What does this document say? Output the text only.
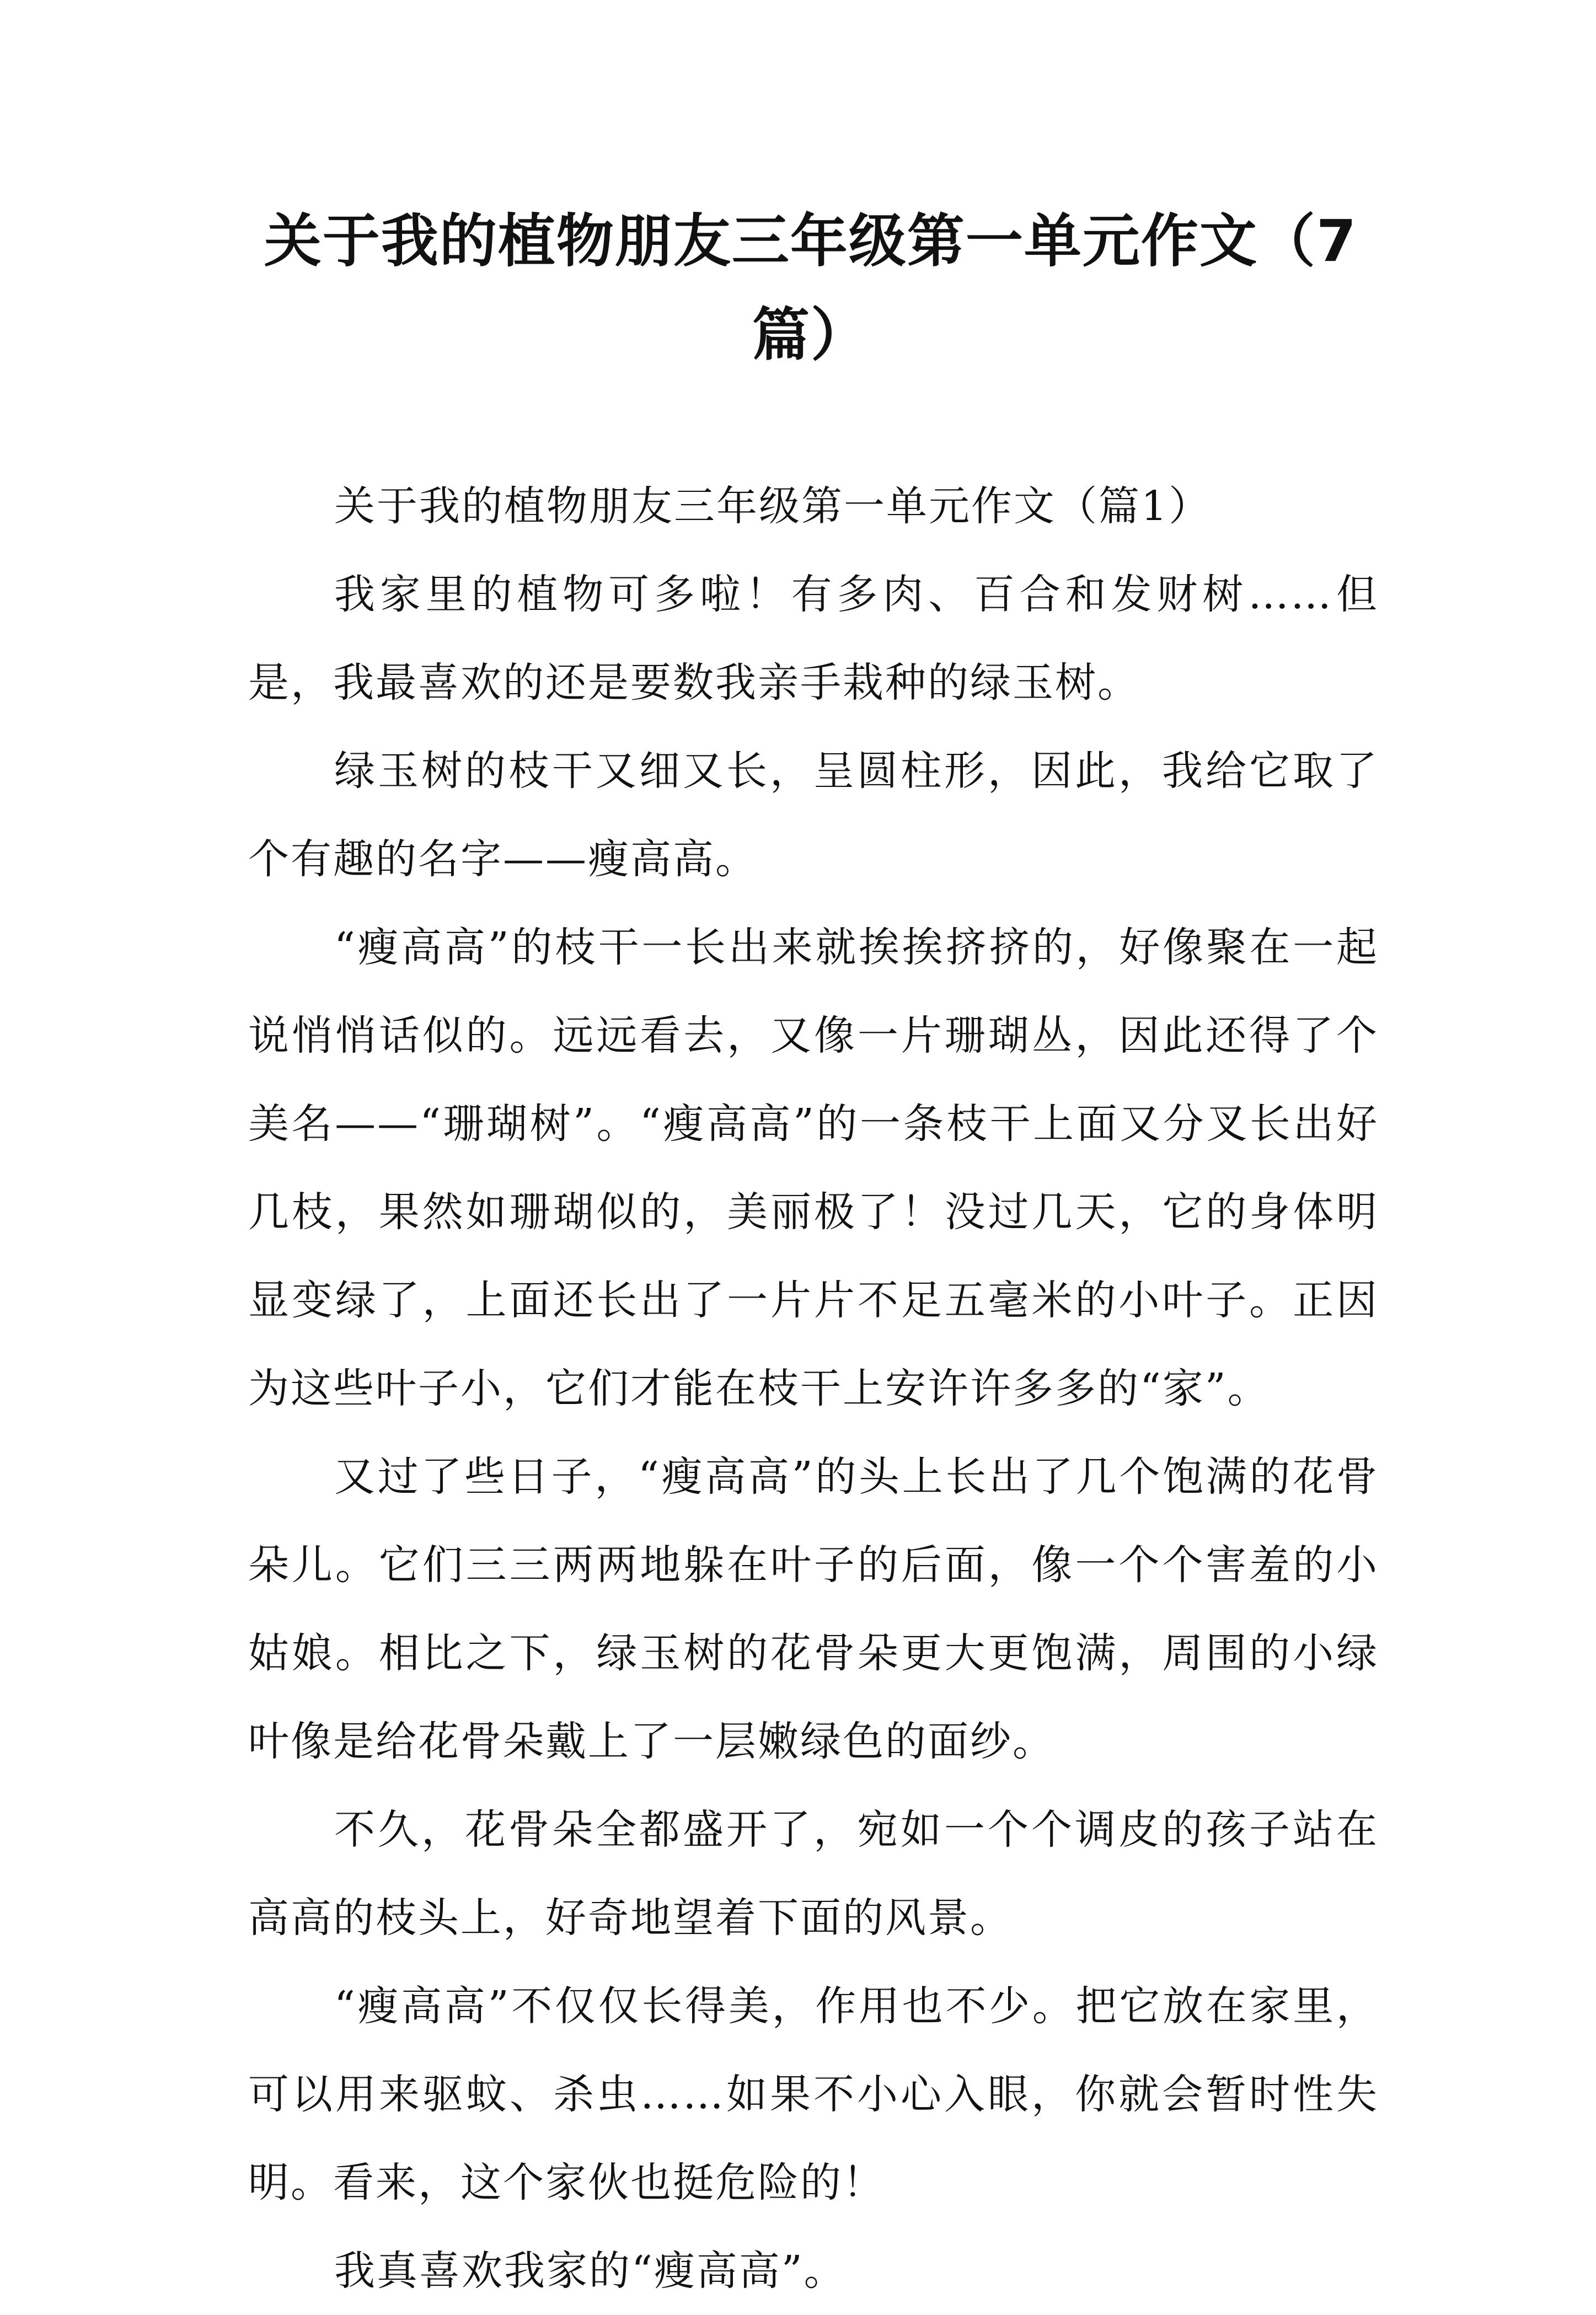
关于我的植物朋友三年级第一单元作文（7篇）

关于我的植物朋友三年级第一单元作文（篇1）

我家里的植物可多啦！有多肉、百合和发财树……但是，我最喜欢的还是要数我亲手栽种的绿玉树。

绿玉树的枝干又细又长，呈圆柱形，因此，我给它取了个有趣的名字——瘦高高。

“瘦高高”的枝干一长出来就挨挨挤挤的，好像聚在一起说悄悄话似的。远远看去，又像一片珊瑚丛，因此还得了个美名——“珊瑚树”。“瘦高高”的一条枝干上面又分叉长出好几枝，果然如珊瑚似的，美丽极了！没过几天，它的身体明显变绿了，上面还长出了一片片不足五毫米的小叶子。正因为这些叶子小，它们才能在枝干上安许许多多的“家”。

又过了些日子，“瘦高高”的头上长出了几个饱满的花骨朵儿。它们三三两两地躲在叶子的后面，像一个个害羞的小姑娘。相比之下，绿玉树的花骨朵更大更饱满，周围的小绿叶像是给花骨朵戴上了一层嫩绿色的面纱。

不久，花骨朵全都盛开了，宛如一个个调皮的孩子站在高高的枝头上，好奇地望着下面的风景。

“瘦高高”不仅仅长得美，作用也不少。把它放在家里，可以用来驱蚊、杀虫……如果不小心入眼，你就会暂时性失明。看来，这个家伙也挺危险的！

我真喜欢我家的“瘦高高”。
